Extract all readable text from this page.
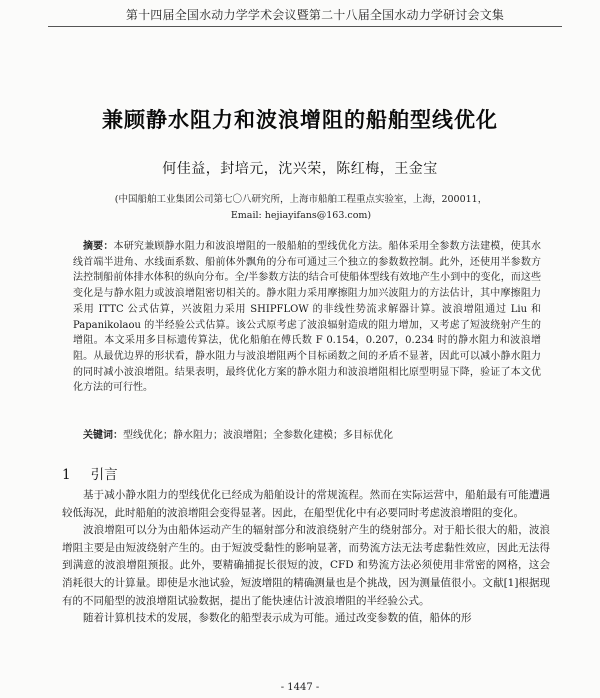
第十四届全国水动力学学术会议暨第二十八届全国水动力学研讨会文集
兼顾静水阻力和波浪增阻的船舶型线优化
何佳益，封培元，沈兴荣，陈红梅，王金宝
(中国船舶工业集团公司第七〇八研究所，上海市船舶工程重点实验室，上海，200011，
Email: hejiayifans@163.com)
摘要：本研究兼顾静水阻力和波浪增阻的一般船舶的型线优化方法。船体采用全参数方法建模，使其水线首端半进角、水线面系数、船前体外飘角的分布可通过三个独立的参数数控制。此外，还使用半参数方法控制船前体排水体积的纵向分布。全/半参数方法的结合可使船体型线有效地产生小到中的变化，而这些变化是与静水阻力或波浪增阻密切相关的。静水阻力采用摩擦阻力加兴波阻力的方法估计，其中摩擦阻力采用 ITTC 公式估算，兴波阻力采用 SHIPFLOW 的非线性势流求解器计算。波浪增阻通过 Liu 和 Papanikolaou 的半经验公式估算。该公式原考虑了波浪辐射造成的阻力增加，又考虑了短波绕射产生的增阻。本文采用多目标遗传算法，优化船舶在傅氏数 F 0.154，0.207，0.234 时的静水阻力和波浪增阻。从最优边界的形状看，静水阻力与波浪增阻两个目标函数之间的矛盾不显著，因此可以减小静水阻力的同时减小波浪增阻。结果表明，最终优化方案的静水阻力和波浪增阻相比原型明显下降，验证了本文优化方法的可行性。
关键词：型线优化；静水阻力；波浪增阻；全参数化建模；多目标优化
1 引言

基于减小静水阻力的型线优化已经成为船舶设计的常规流程。然而在实际运营中，船舶最有可能遭遇较低海况，此时船舶的波浪增阻会变得显著。因此，在船型优化中有必要同时考虑波浪增阻的变化。

波浪增阻可以分为由船体运动产生的辐射部分和波浪绕射产生的绕射部分。对于船长很大的船，波浪增阻主要是由短波绕射产生的。由于短波受黏性的影响显著，而势流方法无法考虑黏性效应，因此无法得到满意的波浪增阻预报。此外，要精确捕捉长很短的波，CFD 和势流方法必须使用非常密的网格，这会消耗很大的计算量。即使是水池试验，短波增阻的精确测量也是个挑战，因为测量值很小。文献[1]根据现有的不同船型的波浪增阻试验数据，提出了能快速估计波浪增阻的半经验公式。

随着计算机技术的发展，参数化的船型表示成为可能。通过改变参数的值，船体的形

- 1447 -
